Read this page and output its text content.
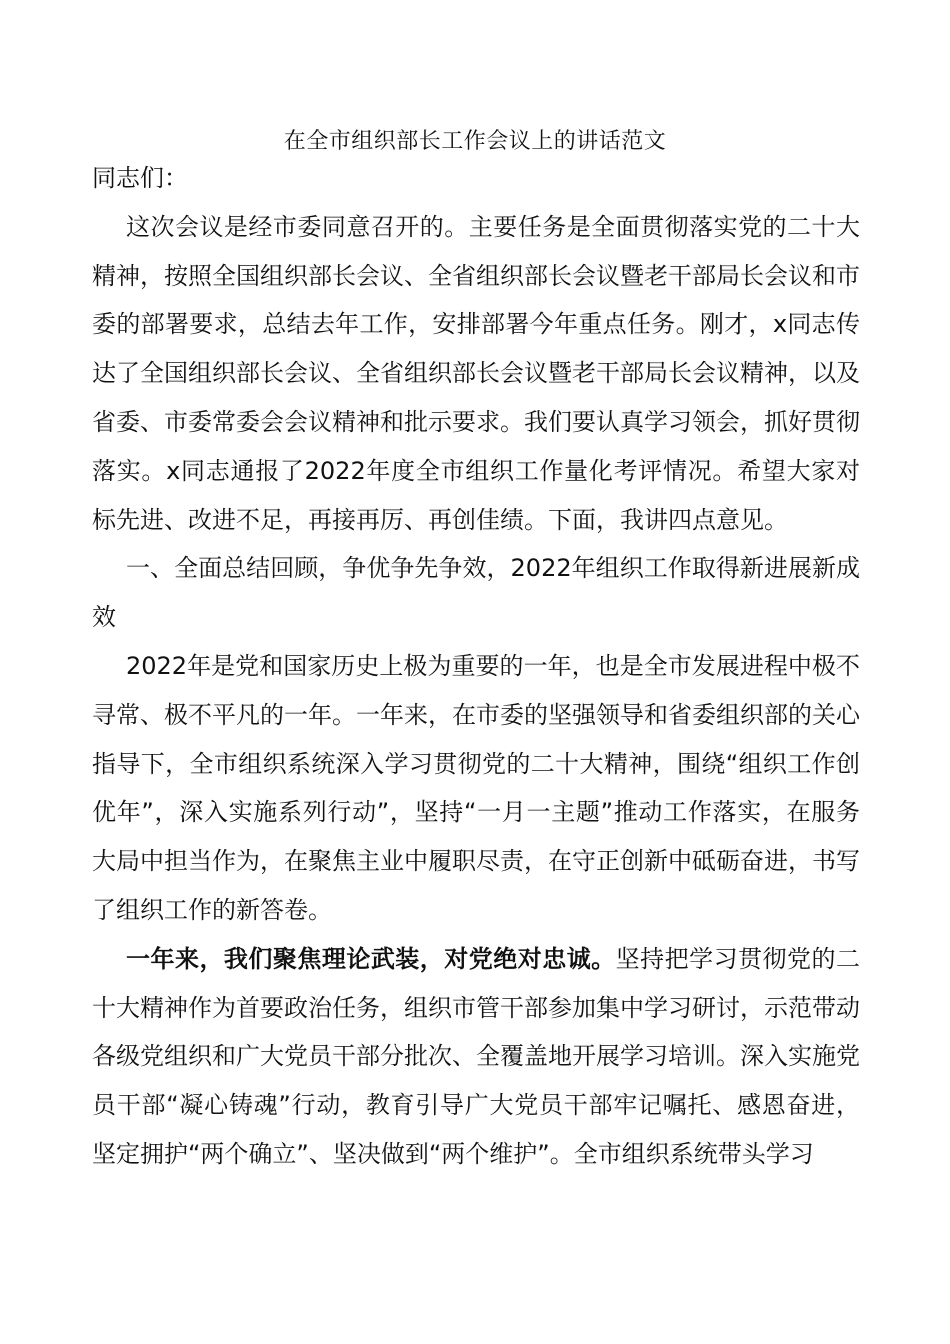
在全市组织部长工作会议上的讲话范文

同志们：

这次会议是经市委同意召开的。主要任务是全面贯彻落实党的二十大精神，按照全国组织部长会议、全省组织部长会议暨老干部局长会议和市委的部署要求，总结去年工作，安排部署今年重点任务。刚才，x同志传达了全国组织部长会议、全省组织部长会议暨老干部局长会议精神，以及省委、市委常委会会议精神和批示要求。我们要认真学习领会，抓好贯彻落实。x同志通报了2022年度全市组织工作量化考评情况。希望大家对标先进、改进不足，再接再厉、再创佳绩。下面，我讲四点意见。

一、全面总结回顾，争优争先争效，2022年组织工作取得新进展新成效

2022年是党和国家历史上极为重要的一年，也是全市发展进程中极不寻常、极不平凡的一年。一年来，在市委的坚强领导和省委组织部的关心指导下，全市组织系统深入学习贯彻党的二十大精神，围绕“组织工作创优年”，深入实施系列行动”，坚持“一月一主题”推动工作落实，在服务大局中担当作为，在聚焦主业中履职尽责，在守正创新中砥砺奋进，书写了组织工作的新答卷。

一年来，我们聚焦理论武装，对党绝对忠诚。坚持把学习贯彻党的二十大精神作为首要政治任务，组织市管干部参加集中学习研讨，示范带动各级党组织和广大党员干部分批次、全覆盖地开展学习培训。深入实施党员干部“凝心铸魂”行动，教育引导广大党员干部牢记嘱托、感恩奋进，坚定拥护“两个确立”、坚决做到“两个维护”。全市组织系统带头学习
